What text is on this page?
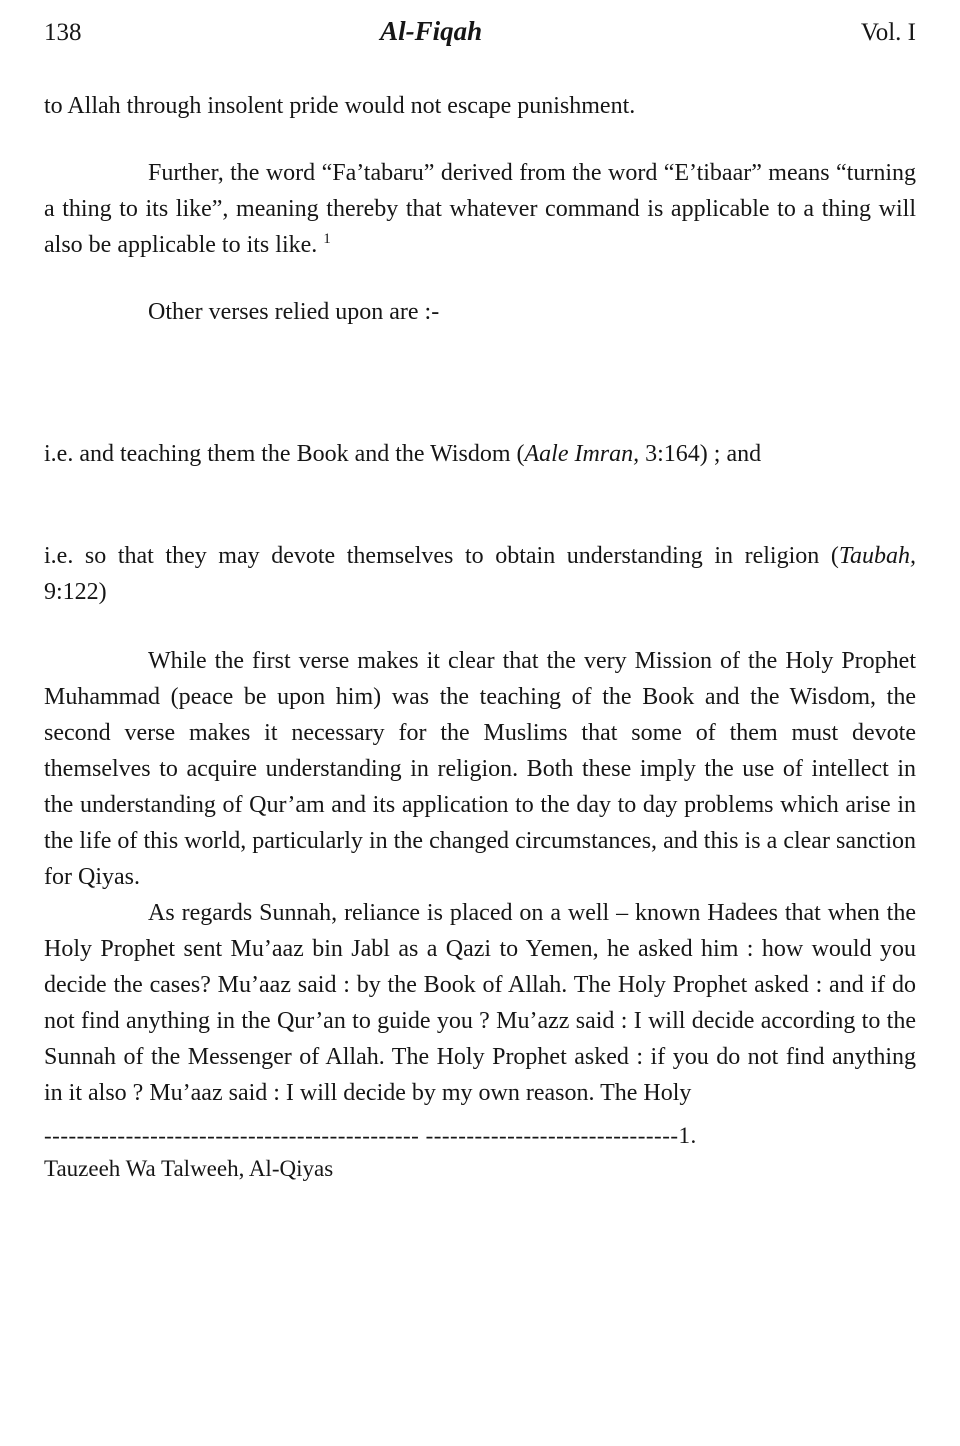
138	Al-Fiqah	Vol. I

to Allah through insolent pride would not escape punishment.

Further, the word “Fa’tabaru” derived from the word “E’tibaar” means “turning a thing to its like”, meaning thereby that whatever command is applicable to a thing will also be applicable to its like. $^1$

Other verses relied upon are :-

i.e. and teaching them the Book and the Wisdom (Aale Imran, 3:164) ; and

i.e. so that they may devote themselves to obtain understanding in religion (Taubah, 9:122)

While the first verse makes it clear that the very Mission of the Holy Prophet Muhammad (peace be upon him) was the teaching of the Book and the Wisdom, the second verse makes it necessary for the Muslims that some of them must devote themselves to acquire understanding in religion. Both these imply the use of intellect in the understanding of Qur’am and its application to the day to day problems which arise in the life of this world, particularly in the changed circumstances, and this is a clear sanction for Qiyas.

As regards Sunnah, reliance is placed on a well – known Hadees that when the Holy Prophet sent Mu’aaz bin Jabl as a Qazi to Yemen, he asked him : how would you decide the cases? Mu’aaz said : by the Book of Allah. The Holy Prophet asked : and if do not find anything in the Qur’an to guide you ? Mu’azz said : I will decide according to the Sunnah of the Messenger of Allah. The Holy Prophet asked : if you do not find anything in it also ? Mu’aaz said : I will decide by my own reason. The Holy

---------------------------------------------- -------------------------------1.
Tauzeeh Wa Talweeh, Al-Qiyas
